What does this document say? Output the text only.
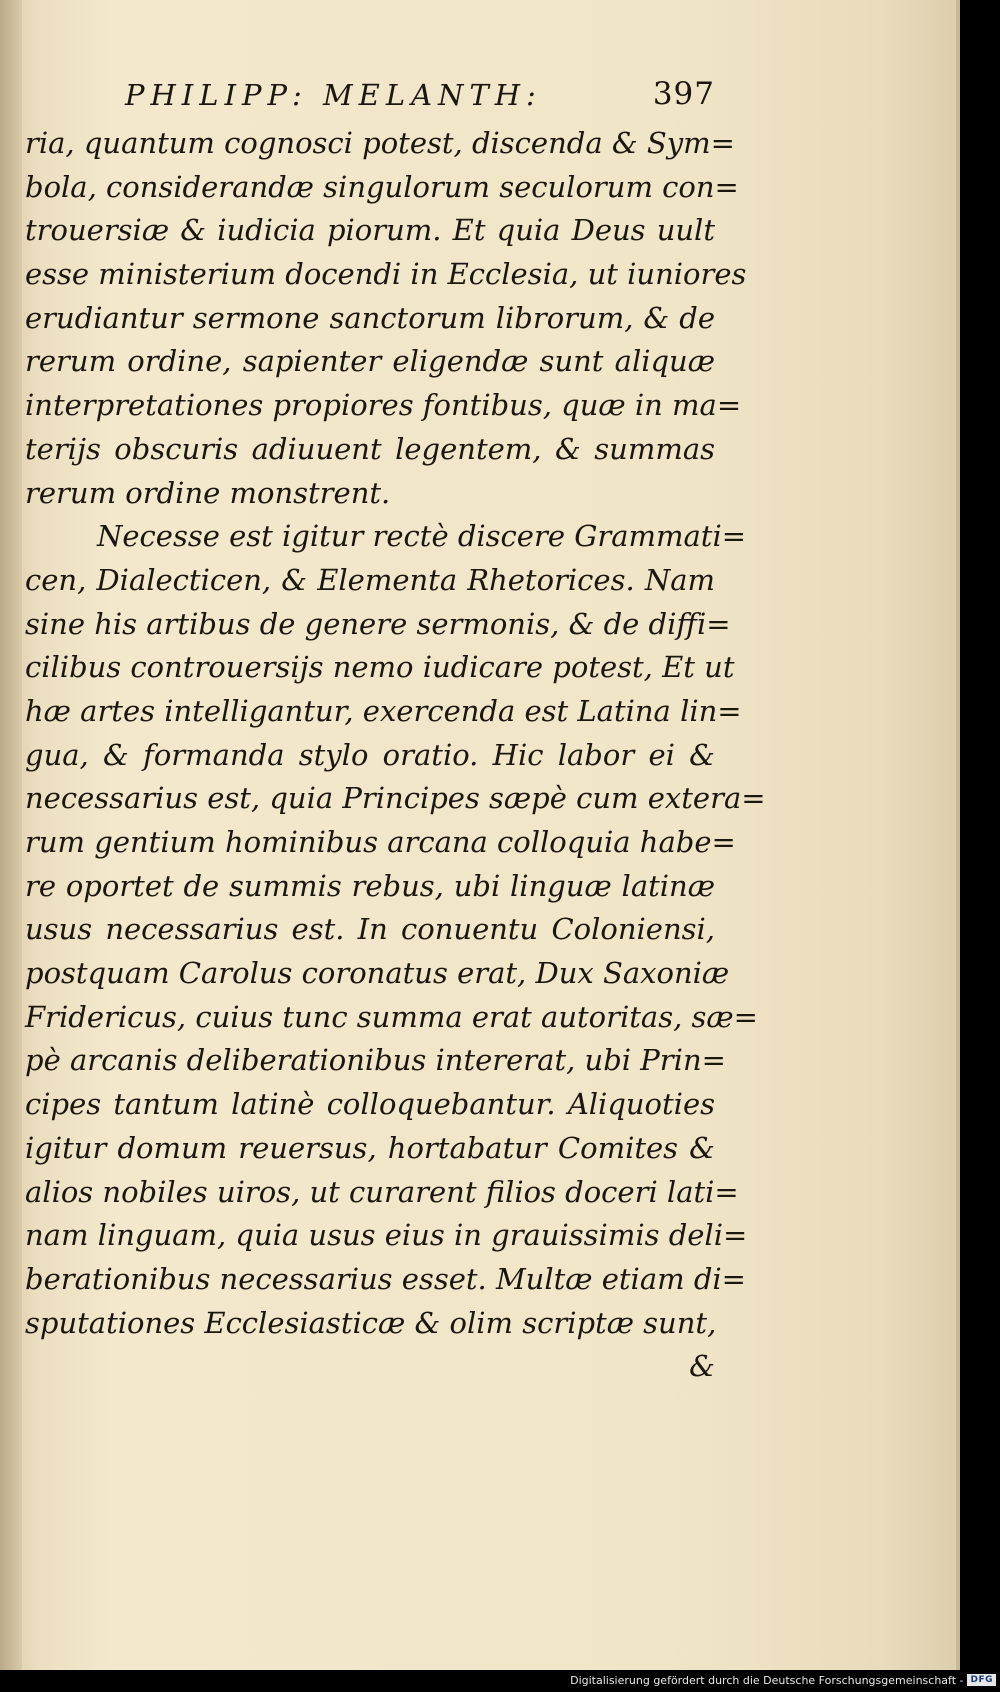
PHILIPP: MELANTH:	397
ria, quantum cognosci potest, discenda & Sym=
bola, considerandæ singulorum seculorum con=
trouersiæ & iudicia piorum. Et quia Deus uult
esse ministerium docendi in Ecclesia, ut iuniores
erudiantur sermone sanctorum librorum, & de
rerum ordine, sapienter eligendæ sunt aliquæ
interpretationes propiores fontibus, quæ in ma=
terijs obscuris adiuuent legentem, & summas
rerum ordine monstrent.
Necesse est igitur rectè discere Grammati=
cen, Dialecticen, & Elementa Rhetorices. Nam
sine his artibus de genere sermonis, & de diffi=
cilibus controuersijs nemo iudicare potest, Et ut
hæ artes intelligantur, exercenda est Latina lin=
gua, & formanda stylo oratio. Hic labor ei &
necessarius est, quia Principes sæpè cum extera=
rum gentium hominibus arcana colloquia habe=
re oportet de summis rebus, ubi linguæ latinæ
usus necessarius est. In conuentu Coloniensi,
postquam Carolus coronatus erat, Dux Saxoniæ
Fridericus, cuius tunc summa erat autoritas, sæ=
pè arcanis deliberationibus intererat, ubi Prin=
cipes tantum latinè colloquebantur. Aliquoties
igitur domum reuersus, hortabatur Comites &
alios nobiles uiros, ut curarent filios doceri lati=
nam linguam, quia usus eius in grauissimis deli=
berationibus necessarius esset. Multæ etiam di=
sputationes Ecclesiasticæ & olim scriptæ sunt,
&
Digitalisierung gefördert durch die Deutsche Forschungsgemeinschaft - DFG
